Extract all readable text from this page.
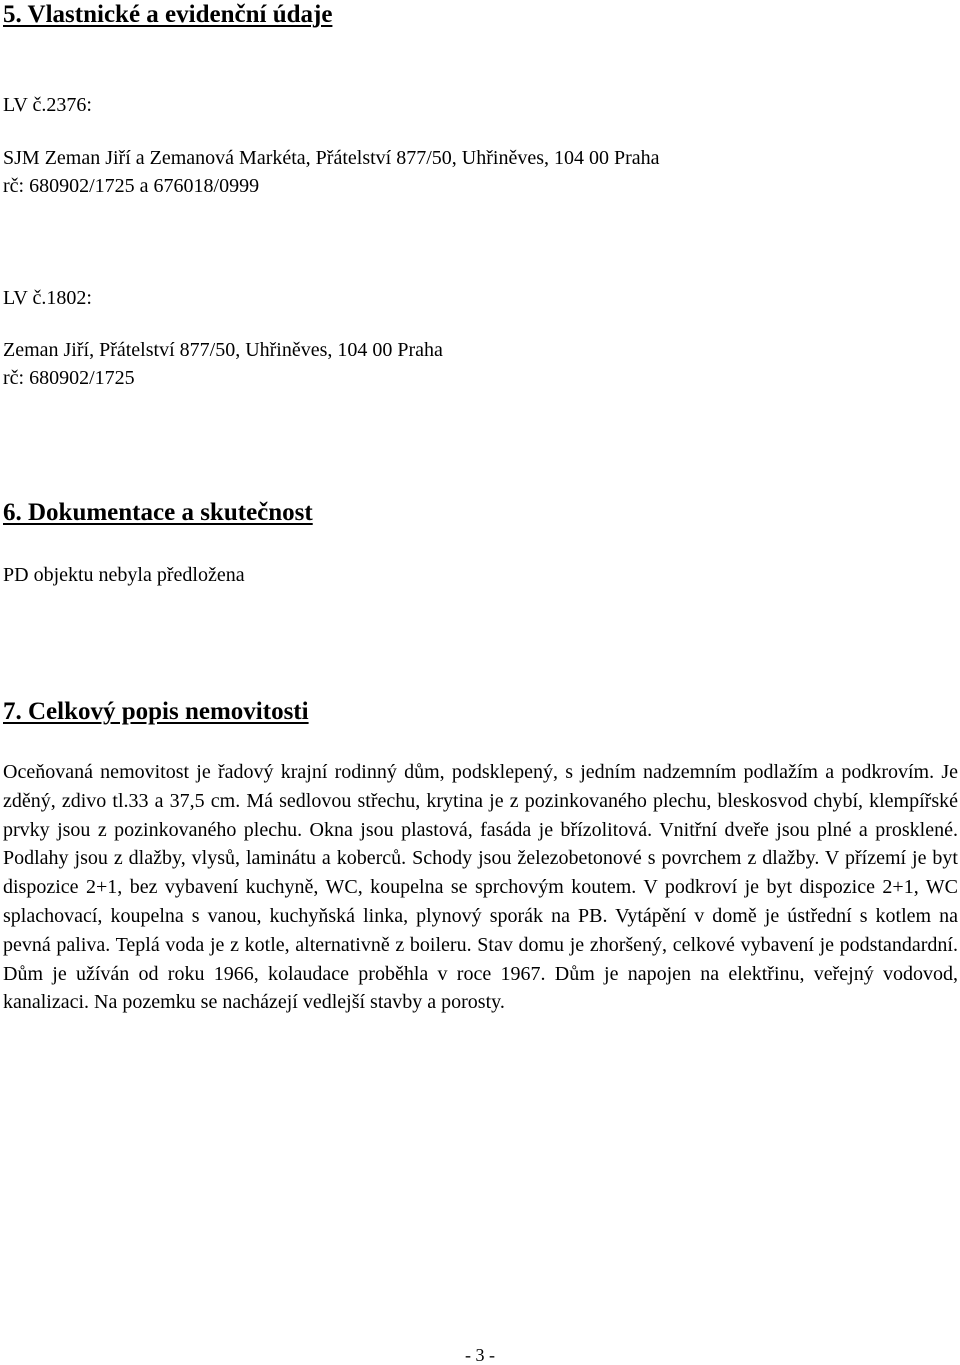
5. Vlastnické a evidenční údaje

LV č.2376:

SJM Zeman Jiří a Zemanová Markéta, Přátelství 877/50, Uhřiněves, 104 00 Praha

rč: 680902/1725 a 676018/0999

LV č.1802:

Zeman Jiří, Přátelství 877/50, Uhřiněves, 104 00 Praha

rč: 680902/1725

6. Dokumentace a skutečnost

PD objektu nebyla předložena

7. Celkový popis nemovitosti

Oceňovaná nemovitost je řadový krajní rodinný dům, podsklepený, s jedním nadzemním podlažím a podkrovím. Je zděný, zdivo tl.33 a 37,5 cm. Má sedlovou střechu, krytina je z pozinkovaného plechu, bleskosvod chybí, klempířské prvky jsou z pozinkovaného plechu. Okna jsou plastová, fasáda je břízolitová. Vnitřní dveře jsou plné a prosklené. Podlahy jsou z dlažby, vlysů, laminátu a koberců. Schody jsou železobetonové s povrchem z dlažby. V přízemí je byt dispozice 2+1, bez vybavení kuchyně, WC, koupelna se sprchovým koutem. V podkroví je byt dispozice 2+1, WC splachovací, koupelna s vanou, kuchyňská linka, plynový sporák na PB. Vytápění v domě je ústřední s kotlem na pevná paliva. Teplá voda je z kotle, alternativně z boileru. Stav domu je zhoršený, celkové vybavení je podstandardní. Dům je užíván od roku 1966, kolaudace proběhla v roce 1967. Dům je napojen na elektřinu, veřejný vodovod, kanalizaci. Na pozemku se nacházejí vedlejší stavby a porosty.

- 3 -
